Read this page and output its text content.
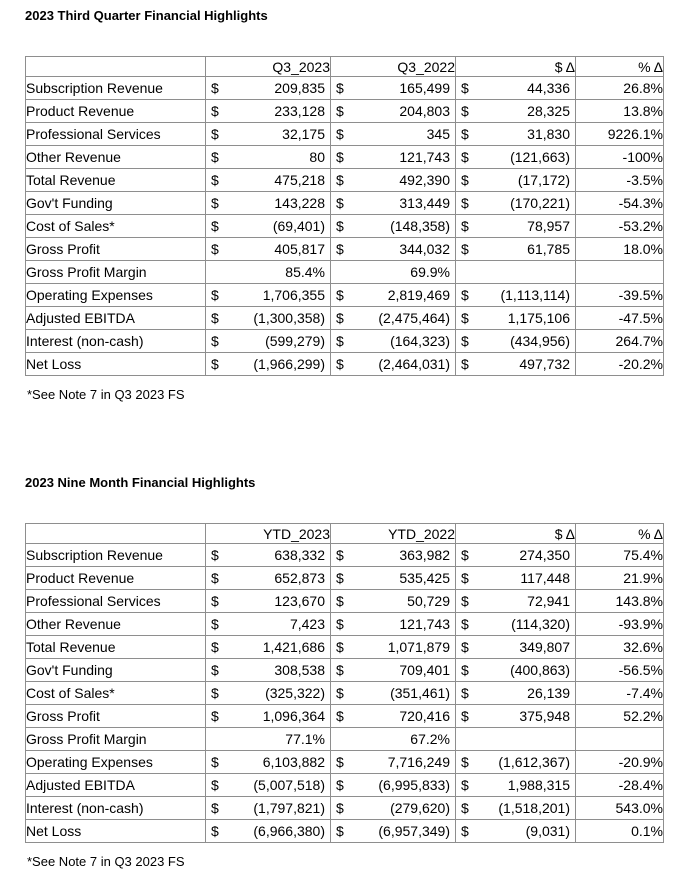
2023 Third Quarter Financial Highlights
	Q3_2023	Q3_2022	$ Δ	% Δ
Subscription Revenue	$ 209,835	$ 165,499	$ 44,336	26.8%
Product Revenue	$ 233,128	$ 204,803	$ 28,325	13.8%
Professional Services	$ 32,175	$ 345	$ 31,830	9226.1%
Other Revenue	$ 80	$ 121,743	$ (121,663)	-100%
Total Revenue	$ 475,218	$ 492,390	$ (17,172)	-3.5%
Gov't Funding	$ 143,228	$ 313,449	$ (170,221)	-54.3%
Cost of Sales*	$ (69,401)	$ (148,358)	$ 78,957	-53.2%
Gross Profit	$ 405,817	$ 344,032	$ 61,785	18.0%
Gross Profit Margin	85.4%	69.9%		

Operating Expenses	$ 1,706,355	$ 2,819,469	$ (1,113,114)	-39.5%
Adjusted EBITDA	$ (1,300,358)	$ (2,475,464)	$ 1,175,106	-47.5%
Interest (non-cash)	$ (599,279)	$ (164,323)	$ (434,956)	264.7%
Net Loss	$ (1,966,299)	$ (2,464,031)	$ 497,732	-20.2%
*See Note 7 in Q3 2023 FS
2023 Nine Month Financial Highlights
	YTD_2023	YTD_2022	$ Δ	% Δ
Subscription Revenue	$ 638,332	$ 363,982	$ 274,350	75.4%
Product Revenue	$ 652,873	$ 535,425	$ 117,448	21.9%
Professional Services	$ 123,670	$ 50,729	$ 72,941	143.8%
Other Revenue	$ 7,423	$ 121,743	$ (114,320)	-93.9%
Total Revenue	$ 1,421,686	$ 1,071,879	$ 349,807	32.6%
Gov't Funding	$ 308,538	$ 709,401	$ (400,863)	-56.5%
Cost of Sales*	$ (325,322)	$ (351,461)	$ 26,139	-7.4%
Gross Profit	$ 1,096,364	$ 720,416	$ 375,948	52.2%
Gross Profit Margin	77.1%	67.2%		

Operating Expenses	$ 6,103,882	$ 7,716,249	$ (1,612,367)	-20.9%
Adjusted EBITDA	$ (5,007,518)	$ (6,995,833)	$ 1,988,315	-28.4%
Interest (non-cash)	$ (1,797,821)	$ (279,620)	$ (1,518,201)	543.0%
Net Loss	$ (6,966,380)	$ (6,957,349)	$ (9,031)	0.1%
*See Note 7 in Q3 2023 FS
